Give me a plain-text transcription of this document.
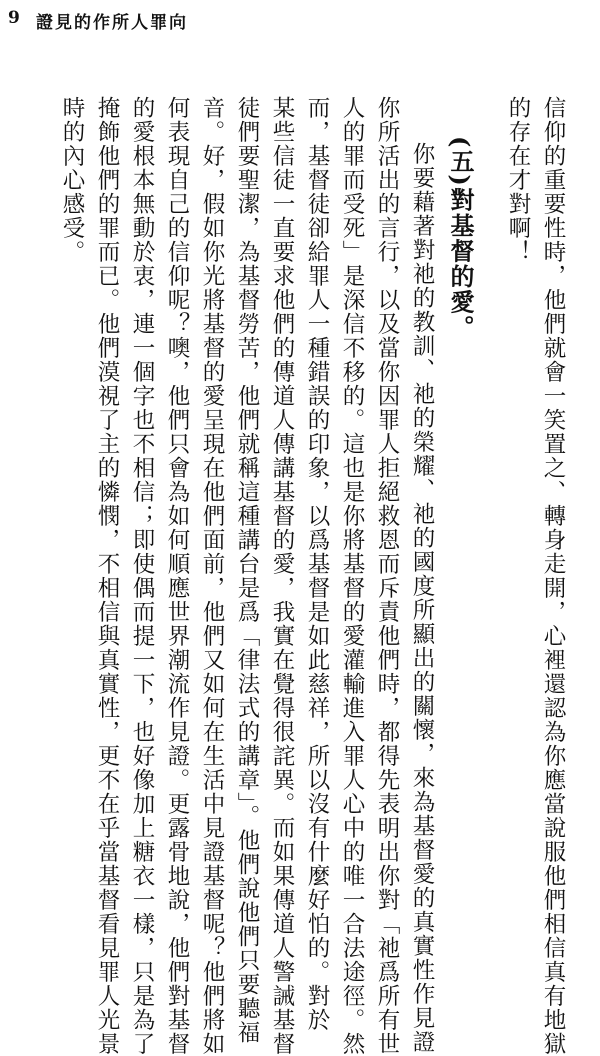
9 證見的作所人罪向
信仰的重要性時，他們就會一笑置之、轉身走開，心裡還認為你應當說服他們相信真有地獄
的存在才對啊！
(五)對基督的愛。
你要藉著對祂的教訓、祂的榮耀、祂的國度所顯出的關懷，來為基督愛的真實性作見證
你所活出的言行，以及當你因罪人拒絕救恩而斥責他們時，都得先表明出你對「祂爲所有世
人的罪而受死」是深信不移的。這也是你將基督的愛灌輸進入罪人心中的唯一合法途徑。然
而，基督徒卻給罪人一種錯誤的印象，以爲基督是如此慈祥，所以沒有什麼好怕的。對於
某些信徒一直要求他們的傳道人傳講基督的愛，我實在覺得很詫異。而如果傳道人警誡基督
徒們要聖潔，為基督勞苦，他們就稱這種講台是爲「律法式的講章」。他們說他們只要聽福
音。好，假如你光將基督的愛呈現在他們面前，他們又如何在生活中見證基督呢？他們將如
何表現自己的信仰呢？噢，他們只會為如何順應世界潮流作見證。更露骨地說，他們對基督
的愛根本無動於衷，連一個字也不相信；即使偶而提一下，也好像加上糖衣一樣，只是為了
掩飾他們的罪而已。他們漠視了主的憐憫，不相信與真實性，更不在乎當基督看見罪人光景
時的內心感受。
